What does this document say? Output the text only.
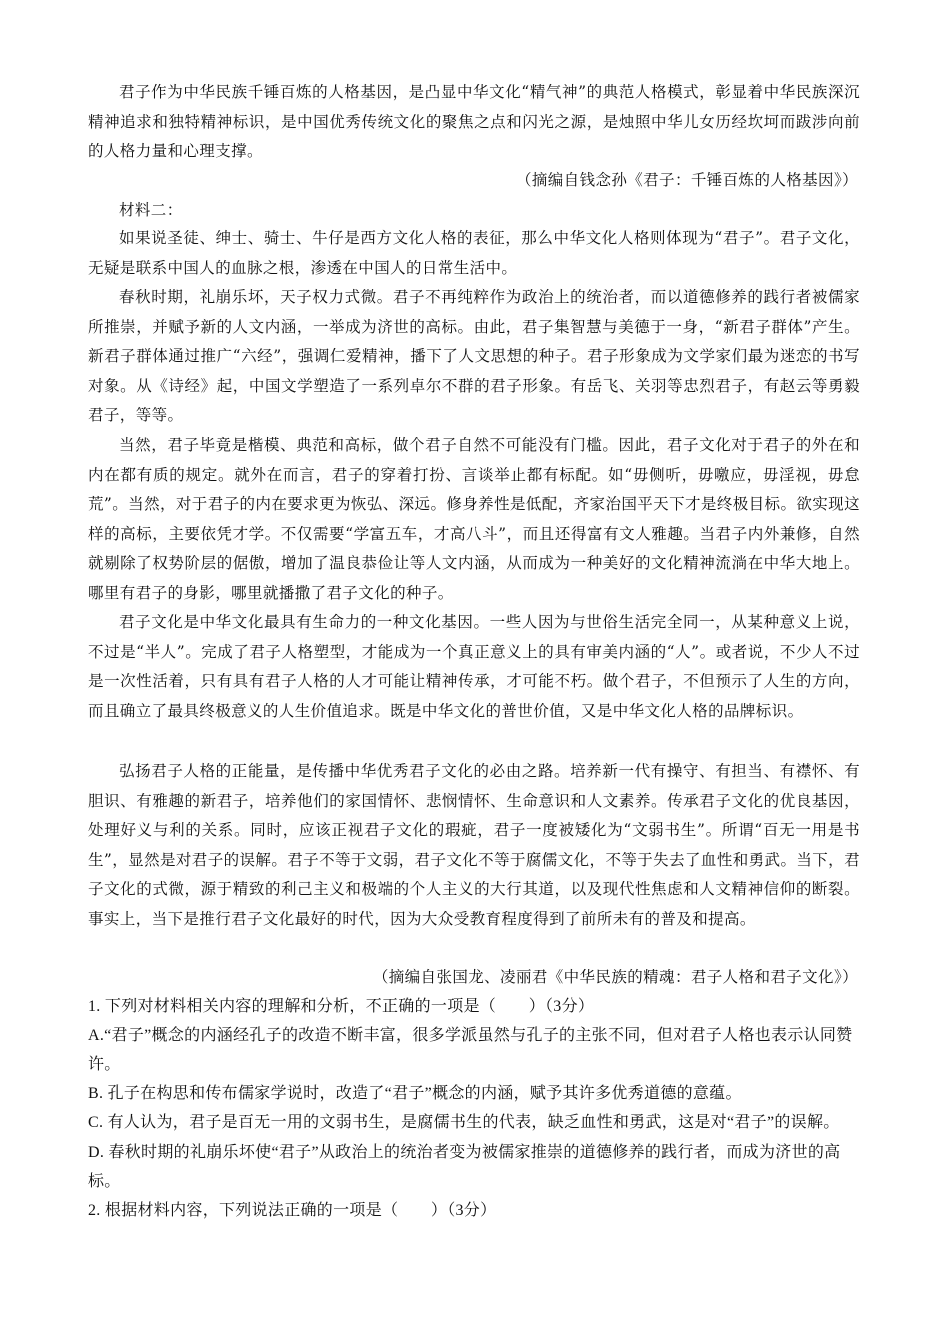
君子作为中华民族千锤百炼的人格基因，是凸显中华文化“精气神”的典范人格模式，彰显着中华民族深沉精神追求和独特精神标识，是中国优秀传统文化的聚焦之点和闪光之源，是烛照中华儿女历经坎坷而跋涉向前的人格力量和心理支撑。
（摘编自钱念孙《君子：千锤百炼的人格基因》）
材料二：
如果说圣徒、绅士、骑士、牛仔是西方文化人格的表征，那么中华文化人格则体现为“君子”。君子文化，无疑是联系中国人的血脉之根，渗透在中国人的日常生活中。
春秋时期，礼崩乐坏，天子权力式微。君子不再纯粹作为政治上的统治者，而以道德修养的践行者被儒家所推崇，并赋予新的人文内涵，一举成为济世的高标。由此，君子集智慧与美德于一身，“新君子群体”产生。新君子群体通过推广“六经”，强调仁爱精神，播下了人文思想的种子。君子形象成为文学家们最为迷恋的书写对象。从《诗经》起，中国文学塑造了一系列卓尔不群的君子形象。有岳飞、关羽等忠烈君子，有赵云等勇毅君子，等等。
当然，君子毕竟是楷模、典范和高标，做个君子自然不可能没有门槛。因此，君子文化对于君子的外在和内在都有质的规定。就外在而言，君子的穿着打扮、言谈举止都有标配。如“毋侧听，毋噭应，毋淫视，毋怠荒”。当然，对于君子的内在要求更为恢弘、深远。修身养性是低配，齐家治国平天下才是终极目标。欲实现这样的高标，主要依凭才学。不仅需要“学富五车，才高八斗”，而且还得富有文人雅趣。当君子内外兼修，自然就剔除了权势阶层的倨傲，增加了温良恭俭让等人文内涵，从而成为一种美好的文化精神流淌在中华大地上。哪里有君子的身影，哪里就播撒了君子文化的种子。
君子文化是中华文化最具有生命力的一种文化基因。一些人因为与世俗生活完全同一，从某种意义上说，不过是“半人”。完成了君子人格塑型，才能成为一个真正意义上的具有审美内涵的“人”。或者说，不少人不过是一次性活着，只有具有君子人格的人才可能让精神传承，才可能不朽。做个君子，不但预示了人生的方向，而且确立了最具终极意义的人生价值追求。既是中华文化的普世价值，又是中华文化人格的品牌标识。
弘扬君子人格的正能量，是传播中华优秀君子文化的必由之路。培养新一代有操守、有担当、有襟怀、有胆识、有雅趣的新君子，培养他们的家国情怀、悲悯情怀、生命意识和人文素养。传承君子文化的优良基因，处理好义与利的关系。同时，应该正视君子文化的瑕疵，君子一度被矮化为“文弱书生”。所谓“百无一用是书生”，显然是对君子的误解。君子不等于文弱，君子文化不等于腐儒文化，不等于失去了血性和勇武。当下，君子文化的式微，源于精致的利己主义和极端的个人主义的大行其道，以及现代性焦虑和人文精神信仰的断裂。事实上，当下是推行君子文化最好的时代，因为大众受教育程度得到了前所未有的普及和提高。
（摘编自张国龙、凌丽君《中华民族的精魂：君子人格和君子文化》）
1. 下列对材料相关内容的理解和分析，不正确的一项是（　　）（3分）
A.“君子”概念的内涵经孔子的改造不断丰富，很多学派虽然与孔子的主张不同，但对君子人格也表示认同赞许。
B. 孔子在构思和传布儒家学说时，改造了“君子”概念的内涵，赋予其许多优秀道德的意蕴。
C. 有人认为，君子是百无一用的文弱书生，是腐儒书生的代表，缺乏血性和勇武，这是对“君子”的误解。
D. 春秋时期的礼崩乐坏使“君子”从政治上的统治者变为被儒家推崇的道德修养的践行者，而成为济世的高标。
2. 根据材料内容，下列说法正确的一项是（　　）（3分）
